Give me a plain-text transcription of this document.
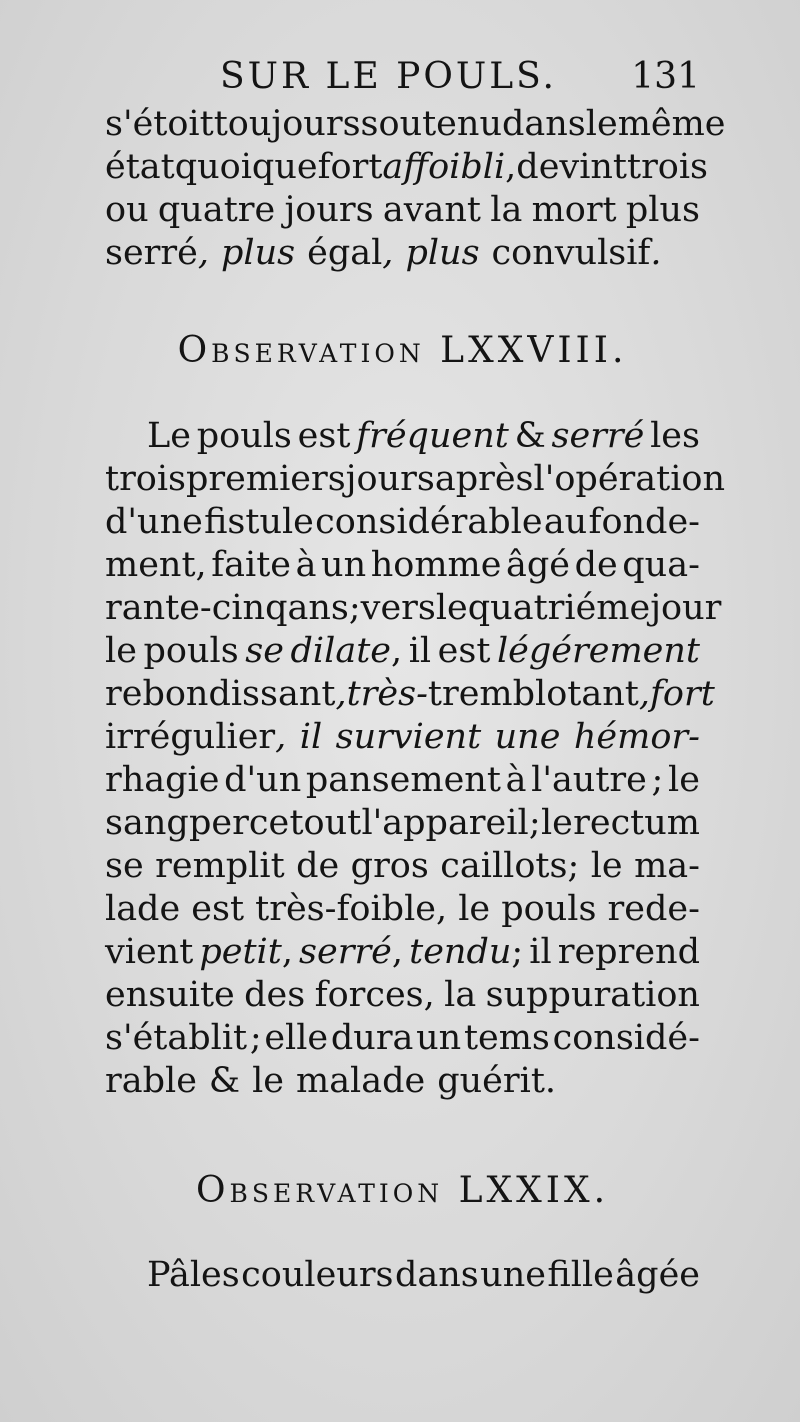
SUR LE POULS. 131
s'étoit toujours soutenu dans le même
état quoique fort affoibli, devint trois
ou quatre jours avant la mort plus
serré, plus égal, plus convulsif.
Observation LXXVIII.
Le pouls est fréquent & serré les
trois premiers jours après l'opération
d'une fistule considérable au fonde-
ment, faite à un homme âgé de qua-
rante-cinq ans; vers le quatriéme jour
le pouls se dilate, il est légérement
rebondissant, très-tremblotant, fort
irrégulier, il survient une hémor-
rhagie d'un pansement à l'autre ; le
sang perce tout l'appareil ; le rectum
se remplit de gros caillots; le ma-
lade est très-foible, le pouls rede-
vient petit, serré, tendu; il reprend
ensuite des forces, la suppuration
s'établit ; elle dura un tems considé-
rable & le malade guérit.
Observation LXXIX.
Pâles couleurs dans une fille âgée
